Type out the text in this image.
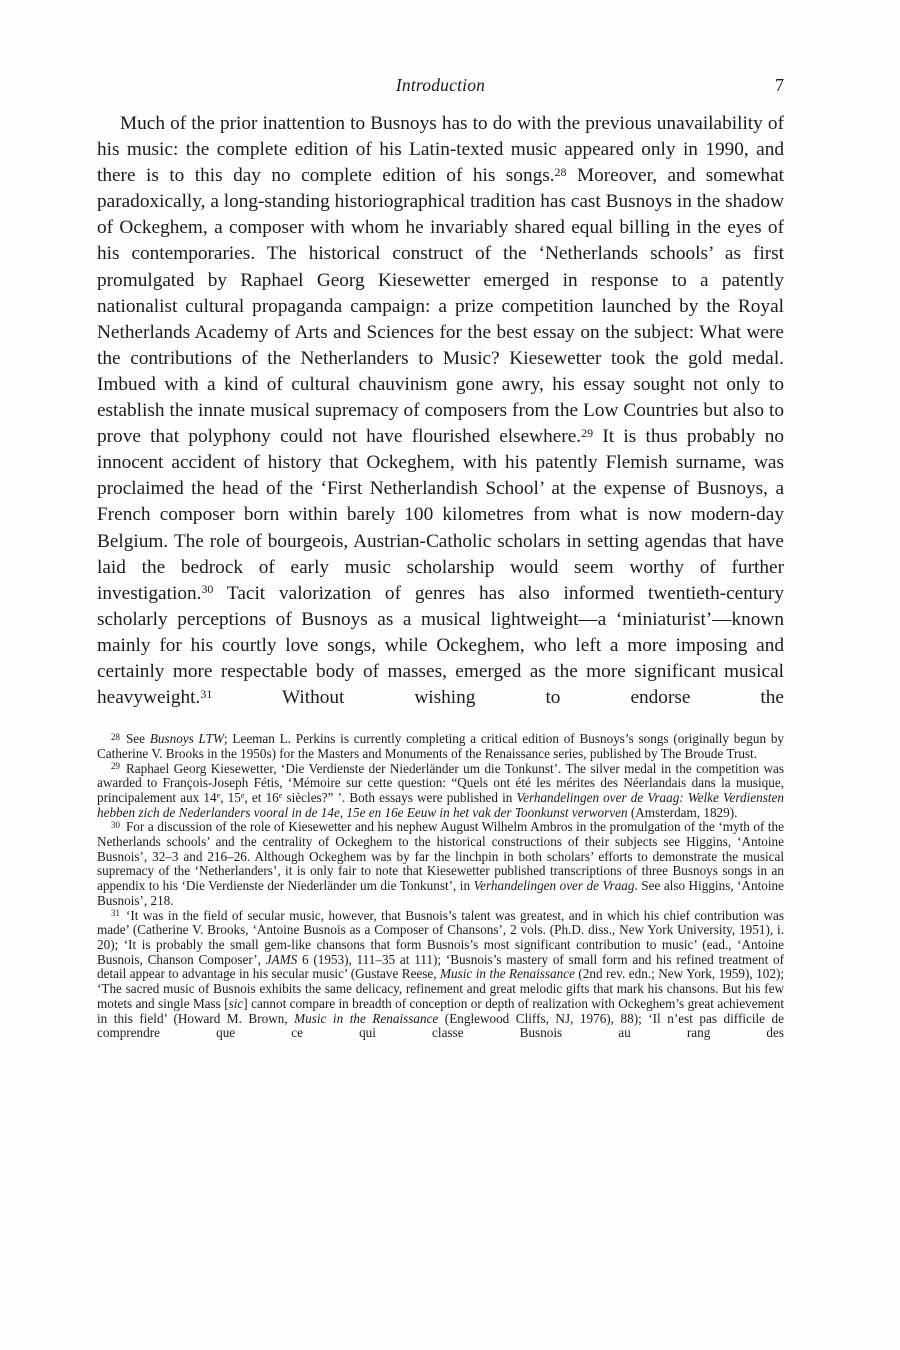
Introduction	7

Much of the prior inattention to Busnoys has to do with the previous unavailability of his music: the complete edition of his Latin-texted music appeared only in 1990, and there is to this day no complete edition of his songs.$^{28}$ Moreover, and somewhat paradoxically, a long-standing historiographical tradition has cast Busnoys in the shadow of Ockeghem, a composer with whom he invariably shared equal billing in the eyes of his contemporaries. The historical construct of the ‘Netherlands schools’ as first promulgated by Raphael Georg Kiesewetter emerged in response to a patently nationalist cultural propaganda campaign: a prize competition launched by the Royal Netherlands Academy of Arts and Sciences for the best essay on the subject: What were the contributions of the Netherlanders to Music? Kiesewetter took the gold medal. Imbued with a kind of cultural chauvinism gone awry, his essay sought not only to establish the innate musical supremacy of composers from the Low Countries but also to prove that polyphony could not have flourished elsewhere.$^{29}$ It is thus probably no innocent accident of history that Ockeghem, with his patently Flemish surname, was proclaimed the head of the ‘First Netherlandish School’ at the expense of Busnoys, a French composer born within barely 100 kilometres from what is now modern-day Belgium. The role of bourgeois, Austrian-Catholic scholars in setting agendas that have laid the bedrock of early music scholarship would seem worthy of further investigation.$^{30}$ Tacit valorization of genres has also informed twentieth-century scholarly perceptions of Busnoys as a musical lightweight—a ‘miniaturist’—known mainly for his courtly love songs, while Ockeghem, who left a more imposing and certainly more respectable body of masses, emerged as the more significant musical heavyweight.$^{31}$ Without wishing to endorse the

$^{28}$ See Busnoys LTW; Leeman L. Perkins is currently completing a critical edition of Busnoys’s songs (originally begun by Catherine V. Brooks in the 1950s) for the Masters and Monuments of the Renaissance series, published by The Broude Trust.

$^{29}$ Raphael Georg Kiesewetter, ‘Die Verdienste der Niederländer um die Tonkunst’. The silver medal in the competition was awarded to François-Joseph Fétis, ‘Mémoire sur cette question: “Quels ont été les mérites des Néerlandais dans la musique, principalement aux 14e, 15e, et 16e siècles?” ’. Both essays were published in Verhandelingen over de Vraag: Welke Verdiensten hebben zich de Nederlanders vooral in de 14e, 15e en 16e Eeuw in het vak der Toonkunst verworven (Amsterdam, 1829).

$^{30}$ For a discussion of the role of Kiesewetter and his nephew August Wilhelm Ambros in the promulgation of the ‘myth of the Netherlands schools’ and the centrality of Ockeghem to the historical constructions of their subjects see Higgins, ‘Antoine Busnois’, 32–3 and 216–26. Although Ockeghem was by far the linchpin in both scholars’ efforts to demonstrate the musical supremacy of the ‘Netherlanders’, it is only fair to note that Kiesewetter published transcriptions of three Busnoys songs in an appendix to his ‘Die Verdienste der Niederländer um die Tonkunst’, in Verhandelingen over de Vraag. See also Higgins, ‘Antoine Busnois’, 218.

$^{31}$ ‘It was in the field of secular music, however, that Busnois’s talent was greatest, and in which his chief contribution was made’ (Catherine V. Brooks, ‘Antoine Busnois as a Composer of Chansons’, 2 vols. (Ph.D. diss., New York University, 1951), i. 20); ‘It is probably the small gem-like chansons that form Busnois’s most significant contribution to music’ (ead., ‘Antoine Busnois, Chanson Composer’, JAMS 6 (1953), 111–35 at 111); ‘Busnois’s mastery of small form and his refined treatment of detail appear to advantage in his secular music’ (Gustave Reese, Music in the Renaissance (2nd rev. edn.; New York, 1959), 102); ‘The sacred music of Busnois exhibits the same delicacy, refinement and great melodic gifts that mark his chansons. But his few motets and single Mass [sic] cannot compare in breadth of conception or depth of realization with Ockeghem’s great achievement in this field’ (Howard M. Brown, Music in the Renaissance (Englewood Cliffs, NJ, 1976), 88); ‘Il n’est pas difficile de comprendre que ce qui classe Busnois au rang des
